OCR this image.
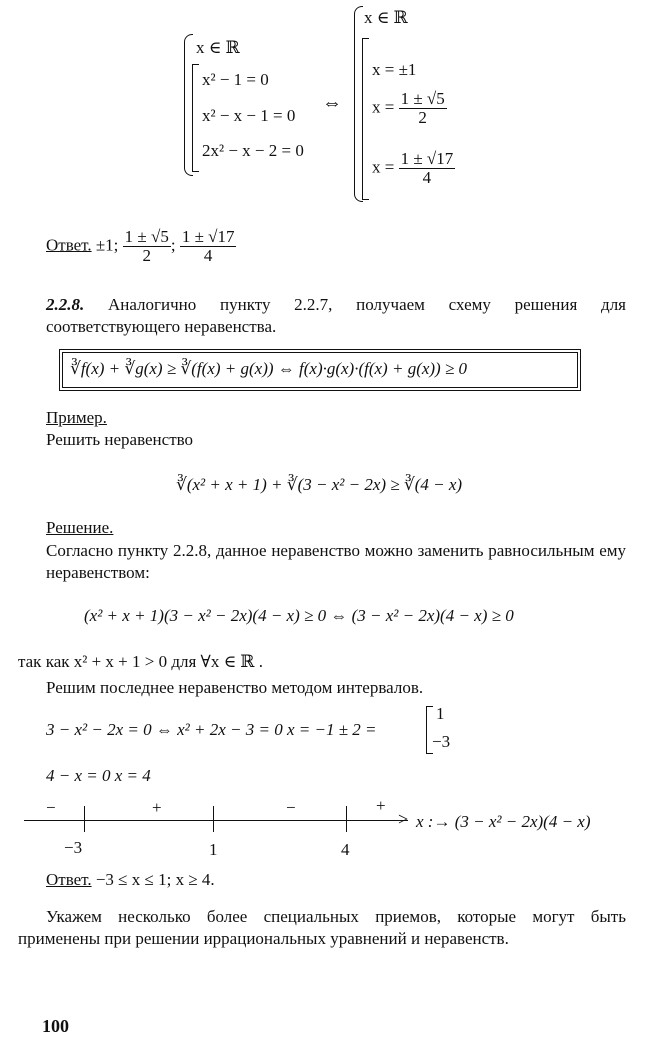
x ∈ ℝ
x² − 1 = 0
x² − x − 1 = 0
2x² − x − 2 = 0
⇔
x ∈ ℝ
x = ±1
$x = \frac{1 \pm √5}{2}$
$x = \frac{1 \pm √17}{4}$
Ответ. ±1; $\frac{1 \pm √5}{2}$ ; $\frac{1 \pm √17}{4}$
2.2.8. Аналогично пункту 2.2.7, получаем схему решения для соответствующего неравенства.
∛f(x) + ∛g(x) ≥ ∛(f(x) + g(x)) ⇔ f(x)·g(x)·(f(x) + g(x)) ≥ 0
Пример.
Решить неравенство
∛(x² + x + 1) + ∛(3 − x² − 2x) ≥ ∛(4 − x)
Решение.
Согласно пункту 2.2.8, данное неравенство можно заменить равносильным ему неравенством:
(x² + x + 1)(3 − x² − 2x)(4 − x) ≥ 0 ⇔ (3 − x² − 2x)(4 − x) ≥ 0
так как x² + x + 1 > 0 для ∀x ∈ ℝ .
Решим последнее неравенство методом интервалов.
3 − x² − 2x = 0 ⇔ x² + 2x − 3 = 0 x = −1 ± 2 =
1
−3
4 − x = 0 x = 4
>
−	+	−	+
−3	1	4
x :→ (3 − x² − 2x)(4 − x)
Ответ. −3 ≤ x ≤ 1; x ≥ 4.
Укажем несколько более специальных приемов, которые могут быть применены при решении иррациональных уравнений и неравенств.
100
